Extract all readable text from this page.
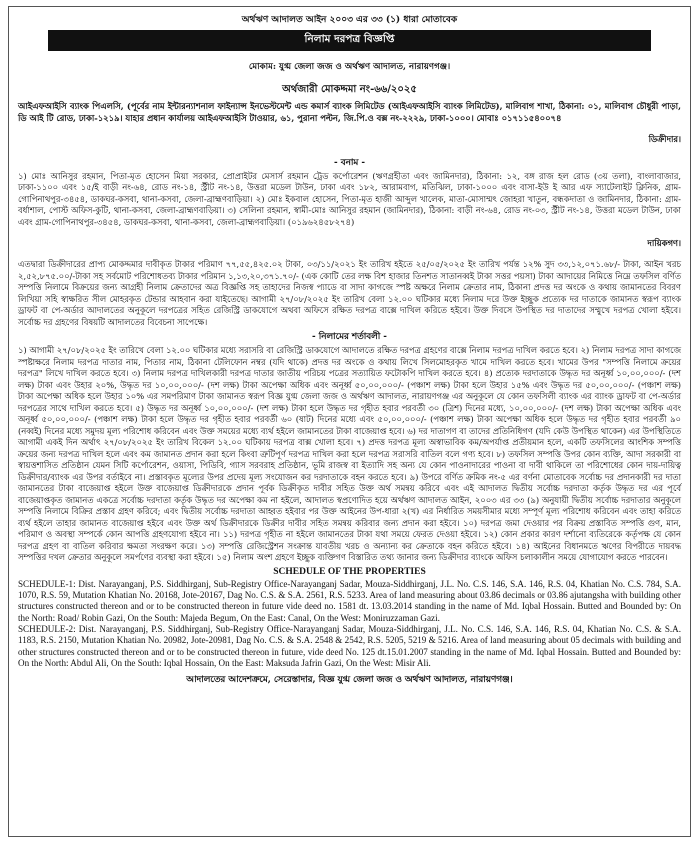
অর্থঋণ আদালত আইন ২০০৩ এর ৩৩ (১) ধারা মোতাবেক

নিলাম দরপত্র বিজ্ঞপ্তি

মোকাম: যুগ্ম জেলা জজ ও অর্থঋণ আদালত, নারায়ণগঞ্জ।

অর্থজারী মোকদ্দমা নং-৬৬/২০২৫

আইএফআইসি ব্যাংক পিএলসি, (পূর্বের নাম ইন্টারন্যাশনাল ফাইন্যান্স ইনভেস্টমেন্ট এন্ড কমার্স ব্যাংক লিমিটেড (আইএফআইসি ব্যাংক লিমিটেড), মালিবাগ শাখা, ঠিকানা: ০১, মালিবাগ চৌধুরী পাড়া, ডি আই টি রোড, ঢাকা-১২১৯। যাহার প্রধান কার্যালয় আইএফআইসি টাওয়ার, ৬১, পুরানা পল্টন, জি.পি.ও বক্স নং-২২২৯, ঢাকা-১০০০। মোবাঃ ০১৭১১৫৪০০৭৪

ডিক্রীদার।

- বনাম -

১) মোঃ আনিসুর রহমান, পিতা-মৃত হোসেন মিয়া সরকার, প্রোপ্রাইটর মেসার্স রহমান ট্রেড কর্পোরেশন (ঋণগ্রহীতা এবং জামিনদার), ঠিকানা: ১২, বঙ্গ রাজ হল রোড (৩য় তলা), বাংলাবাজার, ঢাকা-১১০০ এবং ১৫/ই বাড়ী নং-৬৪, রোড নং-১৪, স্ট্রীট নং-১৪, উত্তরা মডেল টাউন, ঢাকা এবং ১৮২, আরামবাগ, মতিঝিল, ঢাকা-১০০০ এবং বাসা-ইউ ই আর এফ স্যাটেলাইট ক্লিনিক, গ্রাম-গোপিনাথপুর-৩৪৫৪, ডাকঘর-কসবা, থানা-কসবা, জেলা-ব্রাহ্মণবাড়িয়া। ২) মোঃ ইকবাল হোসেন, পিতা-মৃত হাজী আব্দুল খালেক, মাতা-মোসাম্মৎ জোহরা খাতুন, বন্ধকদাতা ও জামিনদার, ঠিকানা: গ্রাম-বর্ধাশাল, পোস্ট অফিস-কুটি, থানা-কসবা, জেলা-ব্রাহ্মণবাড়িয়া। ৩) সেলিনা রহমান, স্বামী-মোঃ আনিসুর রহমান (জামিনদার), ঠিকানা: বাড়ী নং-৬৪, রোড নং-০৩, স্ট্রীট নং-১৪, উত্তরা মডেল টাউন, ঢাকা এবং গ্রাম-গোপিনাথপুর-৩৪৫৪, ডাকঘর-কসবা, থানা-কসবা, জেলা-ব্রাহ্মণবাড়িয়া। (০১৯৬২৪৫৮২৭৪)

দায়িকগণ।

এতদ্বারা ডিক্রীদারের প্রাপ্য মোকদ্দমার দাবীকৃত টাকার পরিমাণ ৭৭,৫৫,৪২৫.০২ টাকা, ০৩/১১/২০২১ ইং তারিখ হইতে ২৫/০৫/২০২৫ ইং তারিখ পর্যন্ত ১২% সুদ ৩৩,১২,০৭১.৬৮/- টাকা, আইন খরচ ২,৫২,৮৭৫.০০/-টাকা সহ সর্বমোট পরিশোধতব্য টাকার পরিমান ১,১৩,২০,৩৭১.৭০/- (এক কোটি তের লক্ষ বিশ হাজার তিনশত সাতানব্বই টাকা সত্তর পয়সা) টাকা আদায়ের নিমিত্তে নিম্নে তফসিল বর্ণিত সম্পত্তি নিলামে বিক্রয়ের জন্য আগ্রহী নিলাম ক্রেতাদের অত্র বিজ্ঞপ্তি সহ তাহাদের নিজস্ব প্যাডে বা সাদা কাগজে স্পষ্ট অক্ষরে নিলাম ক্রেতার নাম, ঠিকানা প্রদত্ত দর অংকে ও কথায় জামানতের বিবরণ লিখিয়া সহি স্বাক্ষরিত সীল মোহরকৃত টেন্ডার আহবান করা যাইতেছে। আগামী ২৭/০৮/২০২৫ ইং তারিখ বেলা ১২.০০ ঘটিকার মধ্যে নিলাম দরে উক্ত ইচ্ছুক প্রত্যেক দর দাতাকে জামানত স্বরূপ ব্যাংক ড্রাফট বা পে-অর্ডার আদালতের অনুকূলে দরপত্রের সহিত রেজিস্ট্রি ডাকযোগে অথবা অফিসে রক্ষিত দরপত্র বাক্সে দাখিল করিতে হইবে। উক্ত দিবসে উপস্থিত দর দাতাদের সম্মুখে দরপত্র খোলা হইবে। সর্বোচ্চ দর গ্রহণের বিষয়টি আদালতের বিবেচনা সাপেক্ষে।

- নিলামের শর্তাবলী -

১) আগামী ২৭/০৮/২০২৫ ইং তারিখে বেলা ১২.০০ ঘটিকার মধ্যে সরাসরি বা রেজিস্ট্রি ডাকযোগে আদালতে রক্ষিত দরপত্র গ্রহণের বাক্সে নিলাম দরপত্র দাখিল করতে হবে। ২) নিলাম দরপত্র সাদা কাগজে স্পষ্টাক্ষরে নিলাম দরপত্র দাতার নাম, পিতার নাম, ঠিকানা টেলিফোন নম্বর (যদি থাকে) প্রদত্ত দর অংকে ও কথায় লিখে সিলমোহরকৃত খামে দাখিল করতে হবে। খামের উপর "সম্পত্তি নিলামে ক্রয়ের দরপত্র" লিখে দাখিল করতে হবে। ৩) নিলাম দরপত্র দাখিলকারী দরপত্র দাতার জাতীয় পরিচয় পত্রের সত্যায়িত ফটোকপি দাখিল করতে হবে। ৪) প্রত্যেক দরদাতাকে উদ্ধৃত দর অনূর্ধ্ব ১০,০০,০০০/- (দশ লক্ষ) টাকা এবং উহার ২০%, উদ্ধৃত দর ১০,০০,০০০/- (দশ লক্ষ) টাকা অপেক্ষা অধিক এবং অনূর্ধ্ব ৫০,০০,০০০/- (পঞ্চাশ লক্ষ) টাকা হলে উহার ১৫% এবং উদ্ধৃত দর ৫০,০০,০০০/- (পঞ্চাশ লক্ষ) টাকা অপেক্ষা অধিক হলে উহার ১০% এর সমপরিমাণ টাকা জামানত স্বরূপ বিজ্ঞ যুগ্ম জেলা জজ ও অর্থঋণ আদালত, নারায়ণগঞ্জ এর অনুকূলে যে কোন তফসিলী ব্যাংক এর ব্যাংক ড্রাফট বা পে-অর্ডার দরপত্রের সাথে দাখিল করতে হবে। ৫) উদ্ধৃত দর অনূর্ধ্ব ১০,০০,০০০/- (দশ লক্ষ) টাকা হলে উদ্ধৃত দর গৃহীত হবার পরবর্তী ৩০ (ত্রিশ) দিনের মধ্যে, ১০,০০,০০০/- (দশ লক্ষ) টাকা অপেক্ষা অধিক এবং অনূর্ধ্ব ৫০,০০,০০০/- (পঞ্চাশ লক্ষ) টাকা হলে উদ্ধৃত দর গৃহীত হবার পরবর্তী ৬০ (ষাট) দিনের মধ্যে এবং ৫০,০০,০০০/- (পঞ্চাশ লক্ষ) টাকা অপেক্ষা অধিক হলে উদ্ধৃত দর গৃহীত হবার পরবর্তী ৯০ (নব্বই) দিনের মধ্যে সমুদয় মূল্য পরিশোধ করিবেন এবং উক্ত সময়ের মধ্যে ব্যর্থ হইলে জামানতের টাকা বাজেয়াপ্ত হবে। ৬) দর দাতাগণ বা তাদের প্রতিনিধিগণ (যদি কেউ উপস্থিত থাকেন) এর উপস্থিতিতে আগামী একই দিন অর্থাৎ ২৭/০৮/২০২৫ ইং তারিখ বিকেল ১২.০০ ঘটিকায় দরপত্র বাক্স খোলা হবে। ৭) প্রদত্ত দরপত্র মূল্য অস্বাভাবিক কম/অপর্যাপ্ত প্রতীয়মান হলে, একটি তফসিলের আংশিক সম্পত্তি ক্রয়ের জন্য দরপত্র দাখিল হলে এবং কম জামানত প্রদান করা হলে কিংবা ত্রুটিপূর্ণ দরপত্র দাখিল করা হলে দরপত্র সরাসরি বাতিল বলে গণ্য হবে। ৮) তফসিল সম্পত্তি উপর কোন ব্যক্তি, আদা সরকারী বা স্বায়ত্তশাসিত প্রতিষ্ঠান যেমন সিটি কর্পোরেশন, ওয়াসা, পিডিবি, গ্যাস সরবরাহ প্রতিষ্ঠান, ভূমি রাজস্ব বা ইত্যাদি সহ অন্য যে কোন পাওনাদারের পাওনা বা দাবী থাকিলে তা পরিশোধের কোন দায়-দায়িত্ব ডিক্রীদার/ব্যাংক এর উপর বর্তাইবে না। প্রস্তাবকৃত মূল্যের উপর প্রদেয় মূল্য সংযোজন কর দরদাতাকে বহন করতে হবে। ৯) উপরে বর্ণিত ক্রমিক নং-৫ এর বর্ণনা মোতাবেক সর্বোচ্চ দর প্রদানকারী দর দাতা জামানতের টাকা বাজেয়াপ্ত হইলে উক্ত বাজেয়াপ্ত ডিক্রীদারকে প্রদান পূর্বক ডিক্রীকৃত দাবীর সহিত উক্ত অর্থ সমন্বয় করিবে এবং এই আদালত দ্বিতীয় সর্বোচ্চ দরদাতা কর্তৃক উদ্ধৃত দর এর পূর্বে বাজেয়াপ্তকৃত জামানত একত্রে সর্বোচ্চ দরদাতা কর্তৃক উদ্ধৃত দর অপেক্ষা কম না হইলে, আদালত স্বপ্রণোদিত হয়ে অর্থঋণ আদালত আইন, ২০০৩ এর ৩৩ (৯) অনুযায়ী দ্বিতীয় সর্বোচ্চ দরদাতার অনুকূলে সম্পত্তি নিলামে বিক্রির প্রস্তাব গ্রহণ করিবে; এবং দ্বিতীয় সর্বোচ্চ দরদাতা আহ্বত হইবার পর উক্ত আইনের উপ-ধারা ২(খ) এর নির্ধারিত সময়সীমার মধ্যে সম্পূর্ণ মূল্য পরিশোধ করিবেন এবং তাহা করিতে ব্যর্থ হইলে তাহার জামানত বাজেয়াপ্ত হইবে এবং উক্ত অর্থ ডিক্রীদারকে ডিক্রীর দাবীর সহিত সমন্বয় করিবার জন্য প্রদান করা হইবে। ১০) দরপত্র জমা দেওয়ার পর বিক্রয় প্রস্তাবিত সম্পত্তি গুণ, মান, পরিমাণ ও অবস্থা সম্পর্কে কোন আপত্তি গ্রহণযোগ্য হইবে না। ১১) দরপত্র গৃহীত না হইলে জামানতের টাকা যথা সময়ে ফেরত দেওয়া হইবে। ১২) কোন প্রকার কারণ দর্শানো ব্যতিরেকে কর্তৃপক্ষ যে কোন দরপত্র গ্রহণ বা বাতিল করিবার ক্ষমতা সংরক্ষণ করে। ১৩) সম্পত্তি রেজিস্ট্রেশন সংক্রান্ত যাবতীয় খরচ ও অন্যান্য কর ক্রেতাকে বহন করিতে হইবে। ১৪) আইনের বিধানমতে ঋণের বিপরীতে দায়বদ্ধ সম্পত্তির দখল ক্রেতার অনুকূলে সমর্পণের ব্যবস্থা করা হইবে। ১৫) নিলাম অংশ গ্রহণে ইচ্ছুক ব্যক্তিগণ বিস্তারিত তথ্য জানার জন্য ডিক্রীদার ব্যাংকে অফিস চলাকালীন সময়ে যোগাযোগ করতে পারবেন।

SCHEDULE OF THE PROPERTIES

SCHEDULE-1: Dist. Narayanganj, P.S. Siddhirganj, Sub-Registry Office-Narayanganj Sadar, Mouza-Siddhirganj, J.L. No. C.S. 146, S.A. 146, R.S. 04, Khatian No. C.S. 784, S.A. 1070, R.S. 59, Mutation Khatian No. 20168, Jote-20167, Dag No. C.S. & S.A. 2561, R.S. 5233. Area of land measuring about 03.86 decimals or 03.86 ajutangsha with building other structures constructed thereon and or to be constructed thereon in future vide deed no. 1581 dt. 13.03.2014 standing in the name of Md. Iqbal Hossain. Butted and Bounded by: On the North: Road/ Robin Gazi, On the South: Majeda Begum, On the East: Canal, On the West: Moniruzzaman Gazi.

SCHEDULE-2: Dist. Narayanganj, P.S. Siddhirganj, Sub-Registry Office-Narayanganj Sadar, Mouza-Siddhirganj, J.L. No. C.S. 146, S.A. 146, R.S. 04, Khatian No. C.S. & S.A. 1183, R.S. 2150, Mutation Khatian No. 20982, Jote-20981, Dag No. C.S. & S.A. 2548 & 2542, R.S. 5205, 5219 & 5216. Area of land measuring about 05 decimals with building and other structures constructed thereon and or to be constructed thereon in future, vide deed No. 125 dt.15.01.2007 standing in the name of Md. Iqbal Hossain. Butted and Bounded by: On the North: Abdul Ali, On the South: Iqbal Hossain, On the East: Maksuda Jafrin Gazi, On the West: Misir Ali.

আদালতের আদেশক্রমে, সেরেস্তাদার, বিজ্ঞ যুগ্ম জেলা জজ ও অর্থঋণ আদালত, নারায়ণগঞ্জ।
